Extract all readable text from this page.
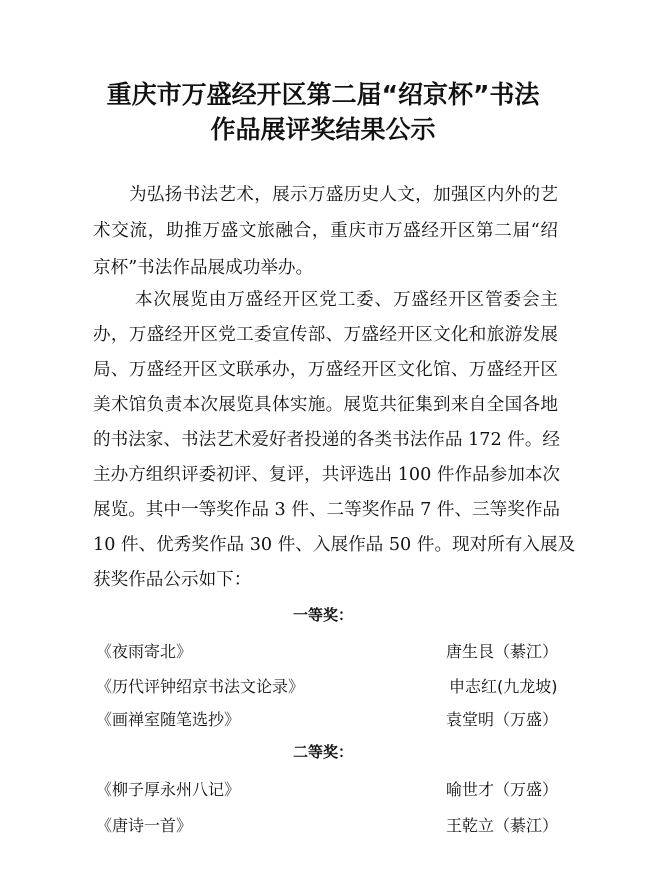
重庆市万盛经开区第二届“绍京杯”书法
作品展评奖结果公示
为弘扬书法艺术，展示万盛历史人文，加强区内外的艺
术交流，助推万盛文旅融合，重庆市万盛经开区第二届“绍
京杯”书法作品展成功举办。
本次展览由万盛经开区党工委、万盛经开区管委会主
办，万盛经开区党工委宣传部、万盛经开区文化和旅游发展
局、万盛经开区文联承办，万盛经开区文化馆、万盛经开区
美术馆负责本次展览具体实施。展览共征集到来自全国各地
的书法家、书法艺术爱好者投递的各类书法作品 172 件。经
主办方组织评委初评、复评，共评选出 100 件作品参加本次
展览。其中一等奖作品 3 件、二等奖作品 7 件、三等奖作品
10 件、优秀奖作品 30 件、入展作品 50 件。现对所有入展及
获奖作品公示如下：
一等奖：
《夜雨寄北》	唐生艮（綦江）
《历代评钟绍京书法文论录》	申志红(九龙坡)
《画禅室随笔选抄》	袁堂明（万盛）
二等奖：
《柳子厚永州八记》	喻世才（万盛）
《唐诗一首》	王乾立（綦江）
